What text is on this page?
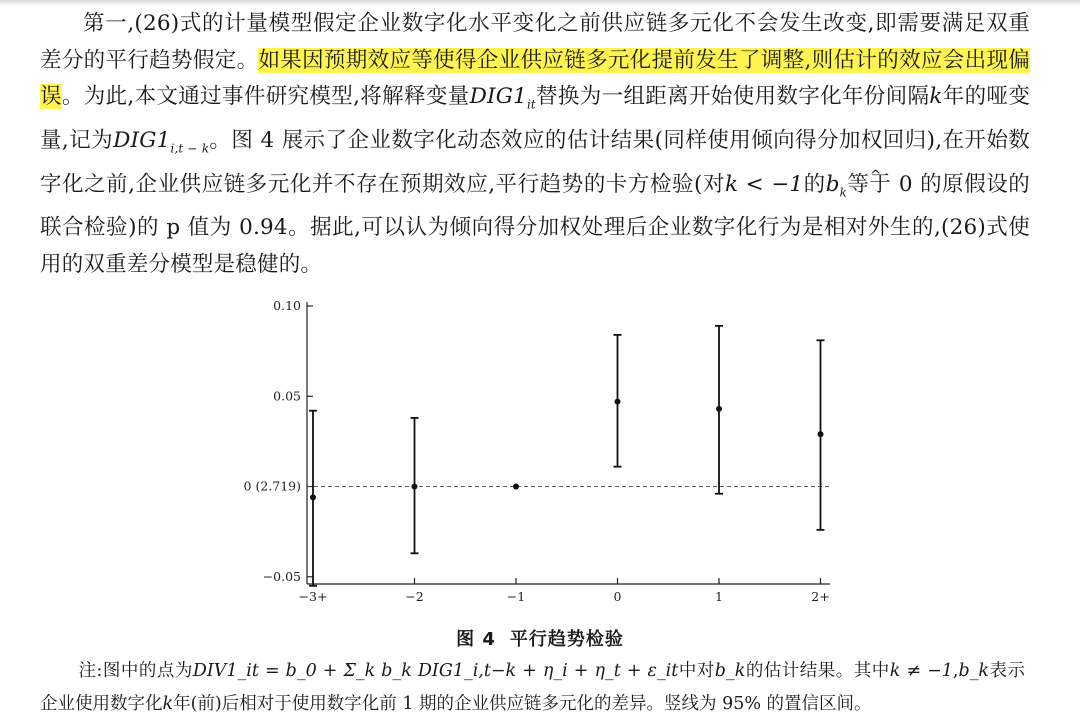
第一,(26)式的计量模型假定企业数字化水平变化之前供应链多元化不会发生改变,即需要满足双重差分的平行趋势假定。如果因预期效应等使得企业供应链多元化提前发生了调整,则估计的效应会出现偏误。为此,本文通过事件研究模型,将解释变量$DIG1_{it}$替换为一组距离开始使用数字化年份间隔k年的哑变量,记为$DIG1_{i,t - k}$。图 4 展示了企业数字化动态效应的估计结果(同样使用倾向得分加权回归),在开始数字化之前,企业供应链多元化并不存在预期效应,平行趋势的卡方检验(对k < −1的^ $b_k$等于 0 的原假设的联合检验)的 p 值为 0.94。据此,可以认为倾向得分加权处理后企业数字化行为是相对外生的,(26)式使用的双重差分模型是稳健的。

−0.05
0 (2.719)
0.05
0.10
−3+	−2	−1	0	1	2+
图 4 平行趋势检验

注:图中的点为DIV1_it = b_0 + Σ_k b_k DIG1_i,t−k + η_i + η_t + ε_it中对b_k的估计结果。其中k ≠ −1,b_k表示企业使用数字化k年(前)后相对于使用数字化前 1 期的企业供应链多元化的差异。竖线为 95% 的置信区间。
